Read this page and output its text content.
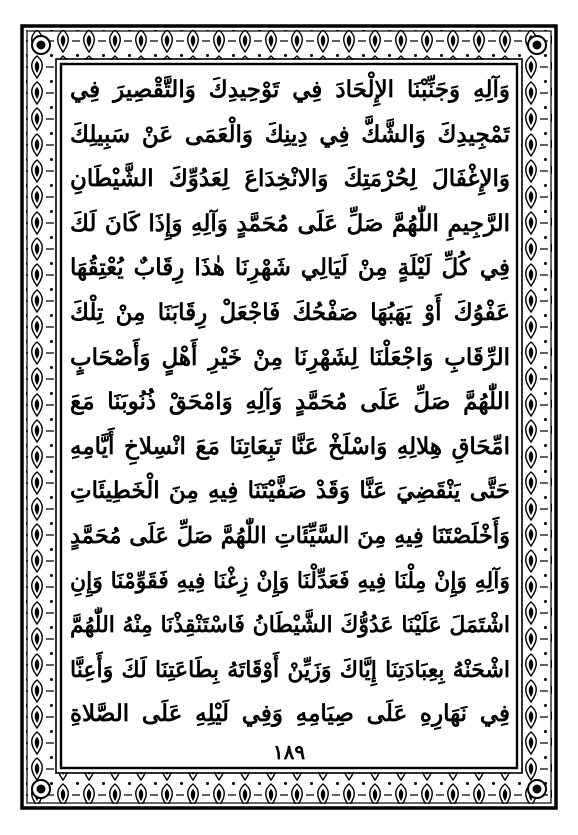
وَآلِهِ وَجَنِّبْنَا الإِلْحَادَ فِي تَوْحِيدِكَ وَالتَّقْصِيرَ فِي
تَمْجِيدِكَ وَالشَّكَّ فِي دِينِكَ وَالْعَمَى عَنْ سَبِيلِكَ
وَالإِغْفَالَ لِحُرْمَتِكَ وَالانْخِدَاعَ لِعَدُوِّكَ الشَّيْطَانِ
الرَّجِيمِ اللّٰهُمَّ صَلِّ عَلَى مُحَمَّدٍ وَآلِهِ وَإِذَا كَانَ لَكَ
فِي كُلِّ لَيْلَةٍ مِنْ لَيَالِي شَهْرِنَا هٰذَا رِقَابٌ يُعْتِقُهَا
عَفْوُكَ أَوْ يَهَبُهَا صَفْحُكَ فَاجْعَلْ رِقَابَنَا مِنْ تِلْكَ
الرِّقَابِ وَاجْعَلْنَا لِشَهْرِنَا مِنْ خَيْرِ أَهْلٍ وَأَصْحَابٍ
اللّٰهُمَّ صَلِّ عَلَى مُحَمَّدٍ وَآلِهِ وَامْحَقْ ذُنُوبَنَا مَعَ
امِّحَاقِ هِلالِهِ وَاسْلَخْ عَنَّا تَبِعَاتِنَا مَعَ انْسِلاخِ أَيَّامِهِ
حَتَّى يَنْقَضِيَ عَنَّا وَقَدْ صَفَّيْتَنَا فِيهِ مِنَ الْخَطِيئَاتِ
وَأَخْلَصْتَنَا فِيهِ مِنَ السَّيِّئَاتِ اللّٰهُمَّ صَلِّ عَلَى مُحَمَّدٍ
وَآلِهِ وَإِنْ مِلْنَا فِيهِ فَعَدِّلْنَا وَإِنْ زِغْنَا فِيهِ فَقَوِّمْنَا وَإِنِ
اشْتَمَلَ عَلَيْنَا عَدُوُّكَ الشَّيْطَانُ فَاسْتَنْقِذْنَا مِنْهُ اللّٰهُمَّ
اشْحَنْهُ بِعِبَادَتِنَا إِيَّاكَ وَزَيِّنْ أَوْقَاتَهُ بِطَاعَتِنَا لَكَ وَأَعِنَّا
فِي نَهَارِهِ عَلَى صِيَامِهِ وَفِي لَيْلِهِ عَلَى الصَّلاةِ
١٨٩
